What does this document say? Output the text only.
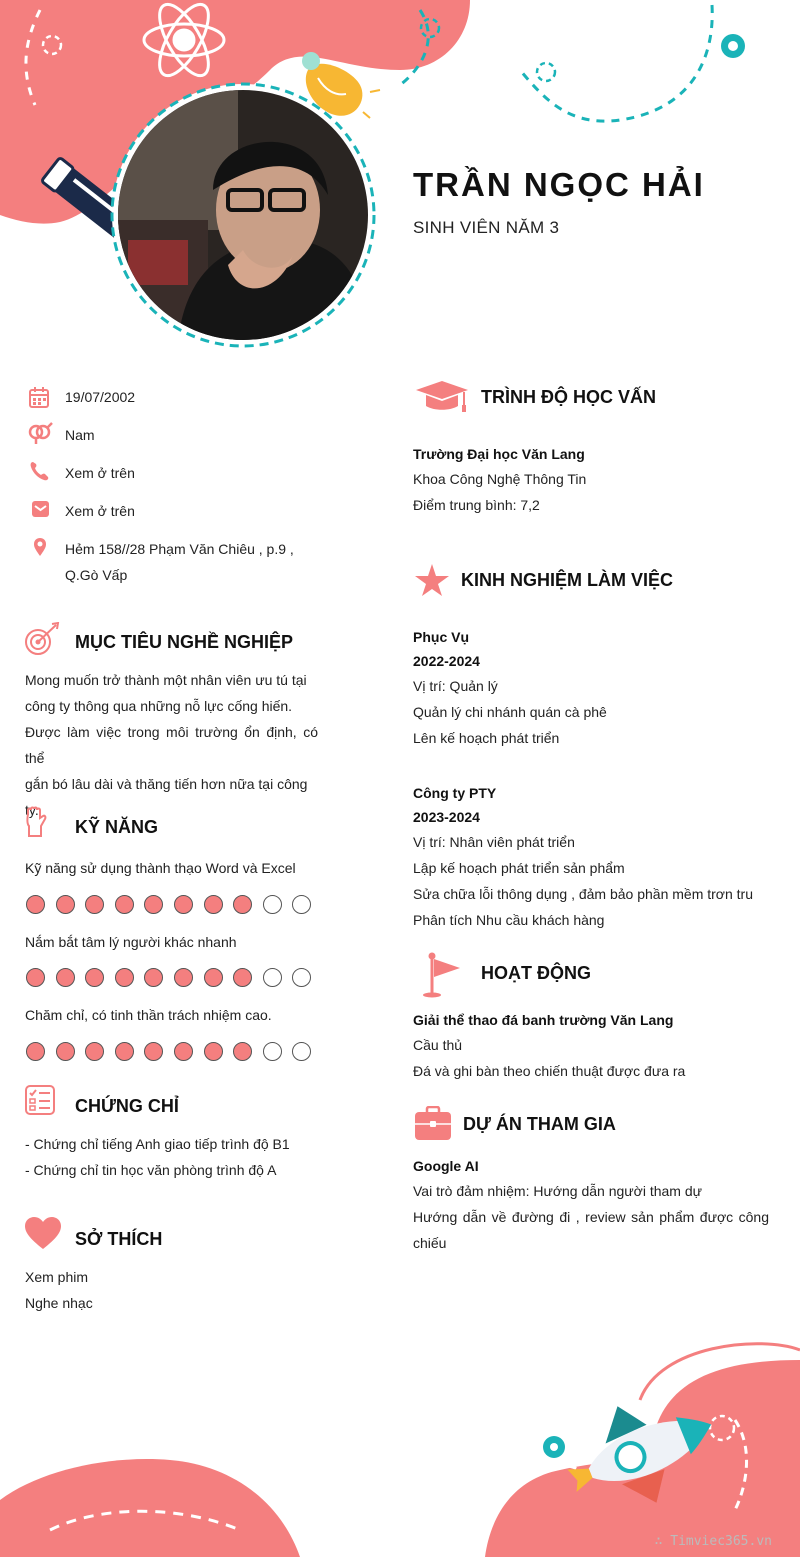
TRẦN NGỌC HẢI
SINH VIÊN NĂM 3
19/07/2002
Nam
Xem ở trên
Xem ở trên
Hẻm 158//28 Phạm Văn Chiêu , p.9 ,
Q.Gò Vấp
MỤC TIÊU NGHỀ NGHIỆP
Mong muốn trở thành một nhân viên ưu tú tại
công ty thông qua những nỗ lực cống hiến.
Được làm việc trong môi trường ổn định, có thể
gắn bó lâu dài và thăng tiến hơn nữa tại công
ty.
KỸ NĂNG
Kỹ năng sử dụng thành thạo Word và Excel
Nắm bắt tâm lý người khác nhanh
Chăm chỉ, có tinh thần trách nhiệm cao.
CHỨNG CHỈ
- Chứng chỉ tiếng Anh giao tiếp trình độ B1
- Chứng chỉ tin học văn phòng trình độ A
SỞ THÍCH
Xem phim
Nghe nhạc
TRÌNH ĐỘ HỌC VẤN
Trường Đại học Văn Lang
Khoa Công Nghệ Thông Tin
Điểm trung bình: 7,2
KINH NGHIỆM LÀM VIỆC
Phục Vụ
2022-2024
Vị trí: Quản lý
Quản lý chi nhánh quán cà phê
Lên kế hoạch phát triển
Công ty PTY
2023-2024
Vị trí: Nhân viên phát triển
Lập kế hoạch phát triển sản phẩm
Sửa chữa lỗi thông dụng , đảm bảo phần mềm trơn tru
Phân tích Nhu cầu khách hàng
HOẠT ĐỘNG
Giải thể thao đá banh trường Văn Lang
Cầu thủ
Đá và ghi bàn theo chiến thuật được đưa ra
DỰ ÁN THAM GIA
Google AI
Vai trò đảm nhiệm: Hướng dẫn người tham dự
Hướng dẫn về đường đi , review sản phẩm được công
chiếu
∴ Timviec365.vn
